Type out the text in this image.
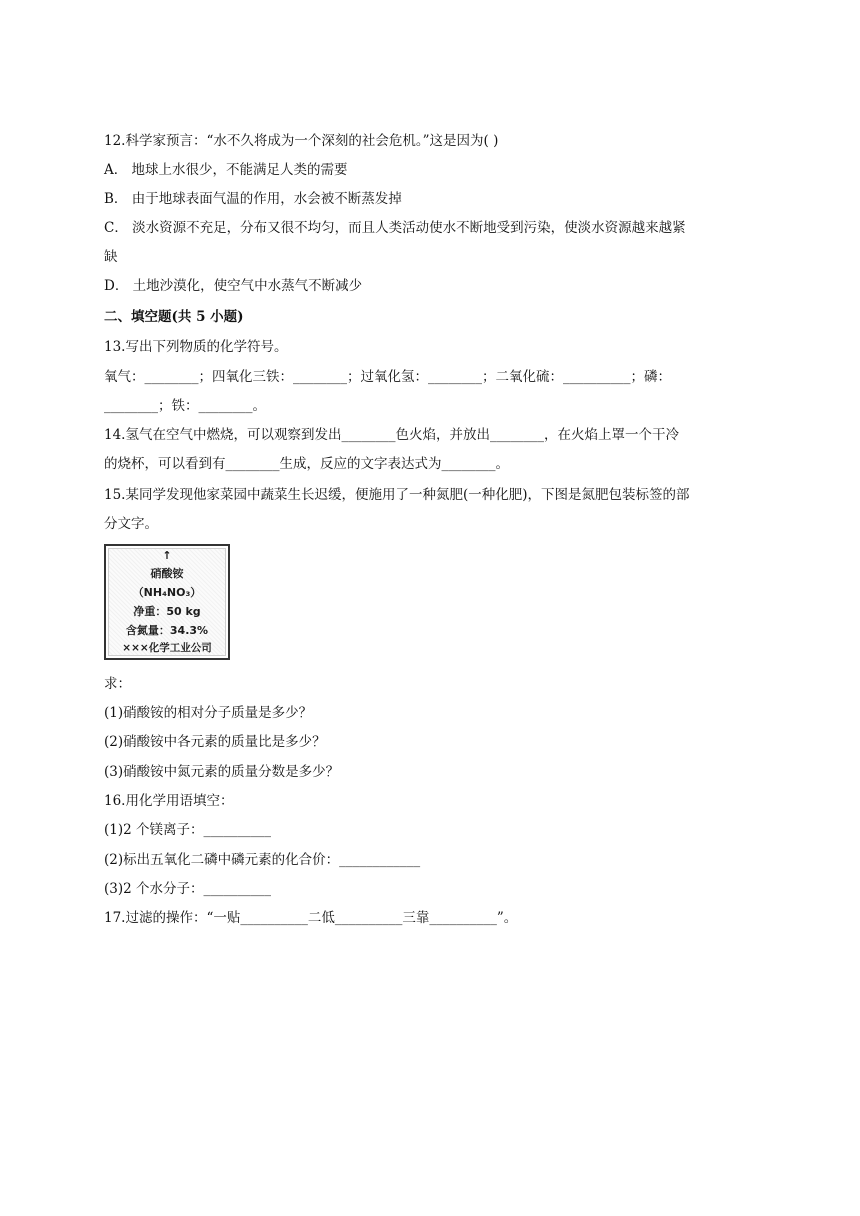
12.科学家预言：“水不久将成为一个深刻的社会危机。”这是因为( )
A． 地球上水很少，不能满足人类的需要
B． 由于地球表面气温的作用，水会被不断蒸发掉
C． 淡水资源不充足，分布又很不均匀，而且人类活动使水不断地受到污染，使淡水资源越来越紧
缺
D． 土地沙漠化，使空气中水蒸气不断减少
二、填空题(共 5 小题)
13.写出下列物质的化学符号。
氧气：________；四氧化三铁：________；过氧化氢：________；二氧化硫：__________；磷：
________；铁：________。
14.氢气在空气中燃烧，可以观察到发出________色火焰，并放出________，在火焰上罩一个干冷
的烧杯，可以看到有________生成，反应的文字表达式为________。
15.某同学发现他家菜园中蔬菜生长迟缓，便施用了一种氮肥(一种化肥)，下图是氮肥包装标签的部
分文字。
↑
硝酸铵
（NH₄NO₃）
净重：50 kg
含氮量：34.3%
×××化学工业公司
求：
(1)硝酸铵的相对分子质量是多少？
(2)硝酸铵中各元素的质量比是多少？
(3)硝酸铵中氮元素的质量分数是多少？
16.用化学用语填空：
(1)2 个镁离子：__________
(2)标出五氧化二磷中磷元素的化合价：____________
(3)2 个水分子：__________
17.过滤的操作：“一贴__________二低__________三靠__________”。
